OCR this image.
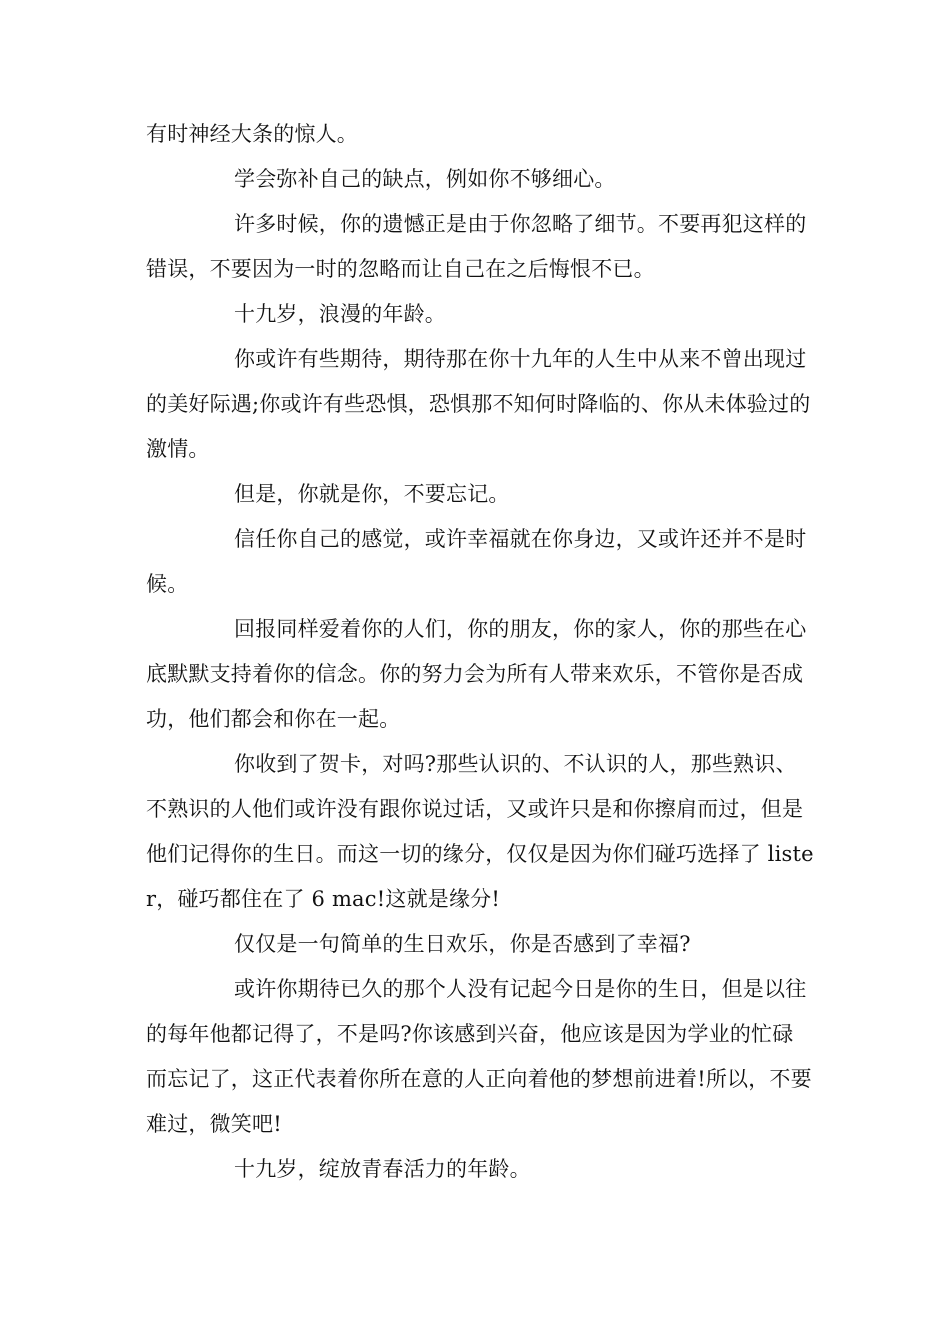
有时神经大条的惊人。

学会弥补自己的缺点，例如你不够细心。

许多时候，你的遗憾正是由于你忽略了细节。不要再犯这样的错误，不要因为一时的忽略而让自己在之后悔恨不已。

十九岁，浪漫的年龄。

你或许有些期待，期待那在你十九年的人生中从来不曾出现过的美好际遇;你或许有些恐惧，恐惧那不知何时降临的、你从未体验过的激情。

但是，你就是你，不要忘记。

信任你自己的感觉，或许幸福就在你身边，又或许还并不是时候。

回报同样爱着你的人们，你的朋友，你的家人，你的那些在心底默默支持着你的信念。你的努力会为所有人带来欢乐，不管你是否成功，他们都会和你在一起。

你收到了贺卡，对吗?那些认识的、不认识的人，那些熟识、不熟识的人他们或许没有跟你说过话，又或许只是和你擦肩而过，但是他们记得你的生日。而这一切的缘分，仅仅是因为你们碰巧选择了 lister，碰巧都住在了 6 mac!这就是缘分!

仅仅是一句简单的生日欢乐，你是否感到了幸福?

或许你期待已久的那个人没有记起今日是你的生日，但是以往的每年他都记得了，不是吗?你该感到兴奋，他应该是因为学业的忙碌而忘记了，这正代表着你所在意的人正向着他的梦想前进着!所以，不要难过，微笑吧!

十九岁，绽放青春活力的年龄。
